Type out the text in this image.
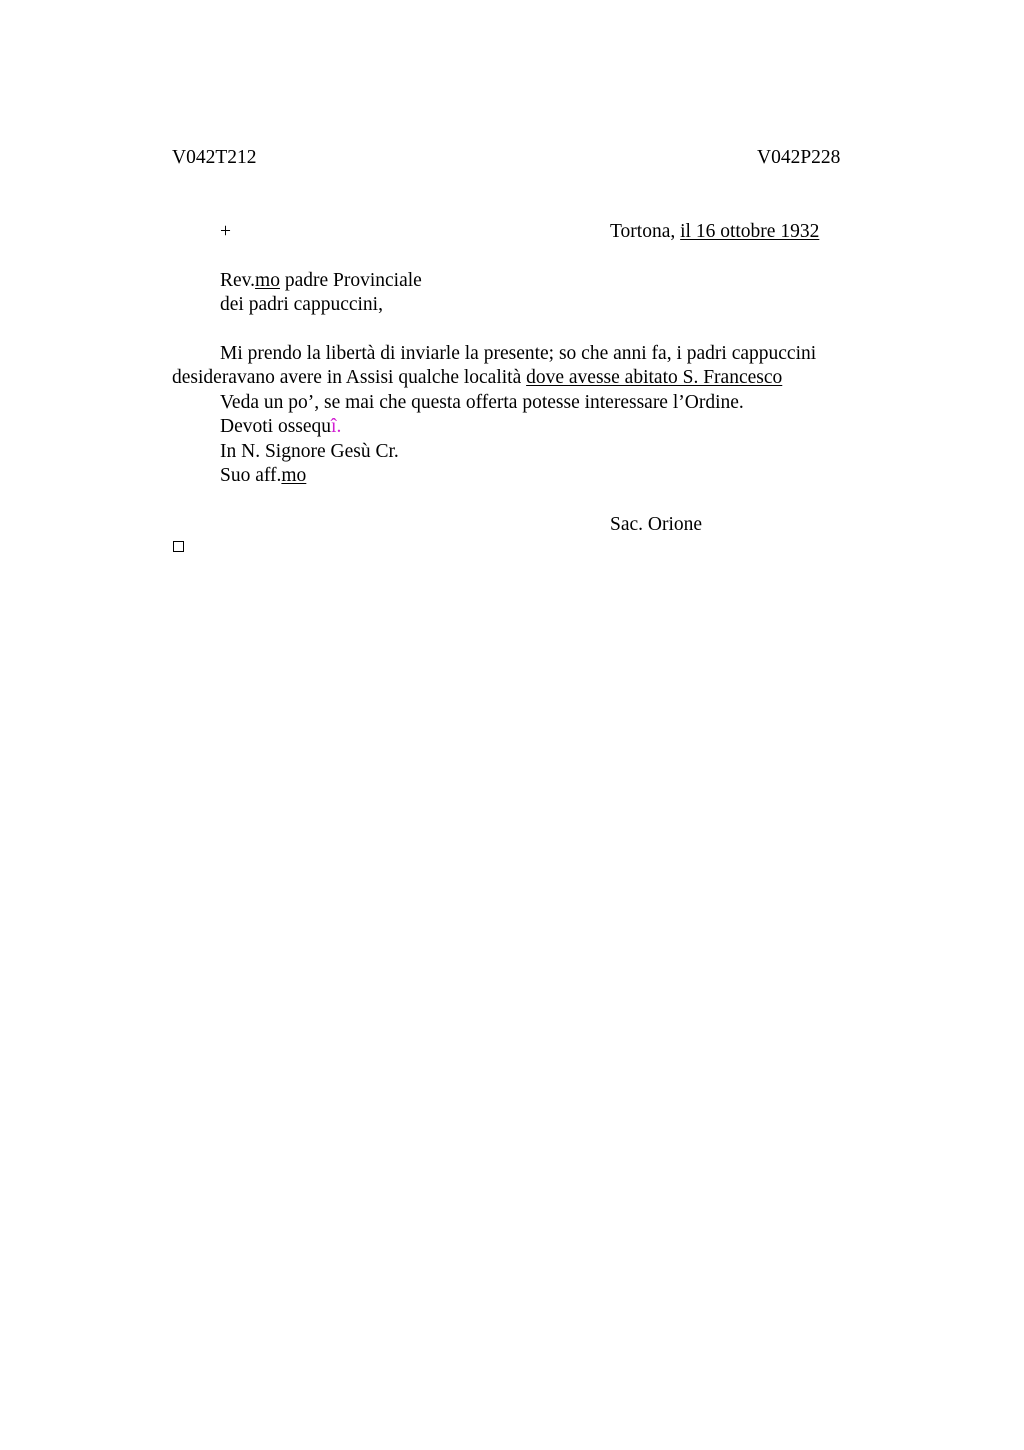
V042T212	V042P228
+	Tortona, il 16 ottobre 1932
Rev.mo padre Provinciale
dei padri cappuccini,
Mi prendo la libertà di inviarle la presente; so che anni fa, i padri cappuccini
desideravano avere in Assisi qualche località dove avesse abitato S. Francesco
Veda un po’, se mai che questa offerta potesse interessare l’Ordine.
Devoti ossequî.
In N. Signore Gesù Cr.
Suo aff.mo
Sac. Orione
